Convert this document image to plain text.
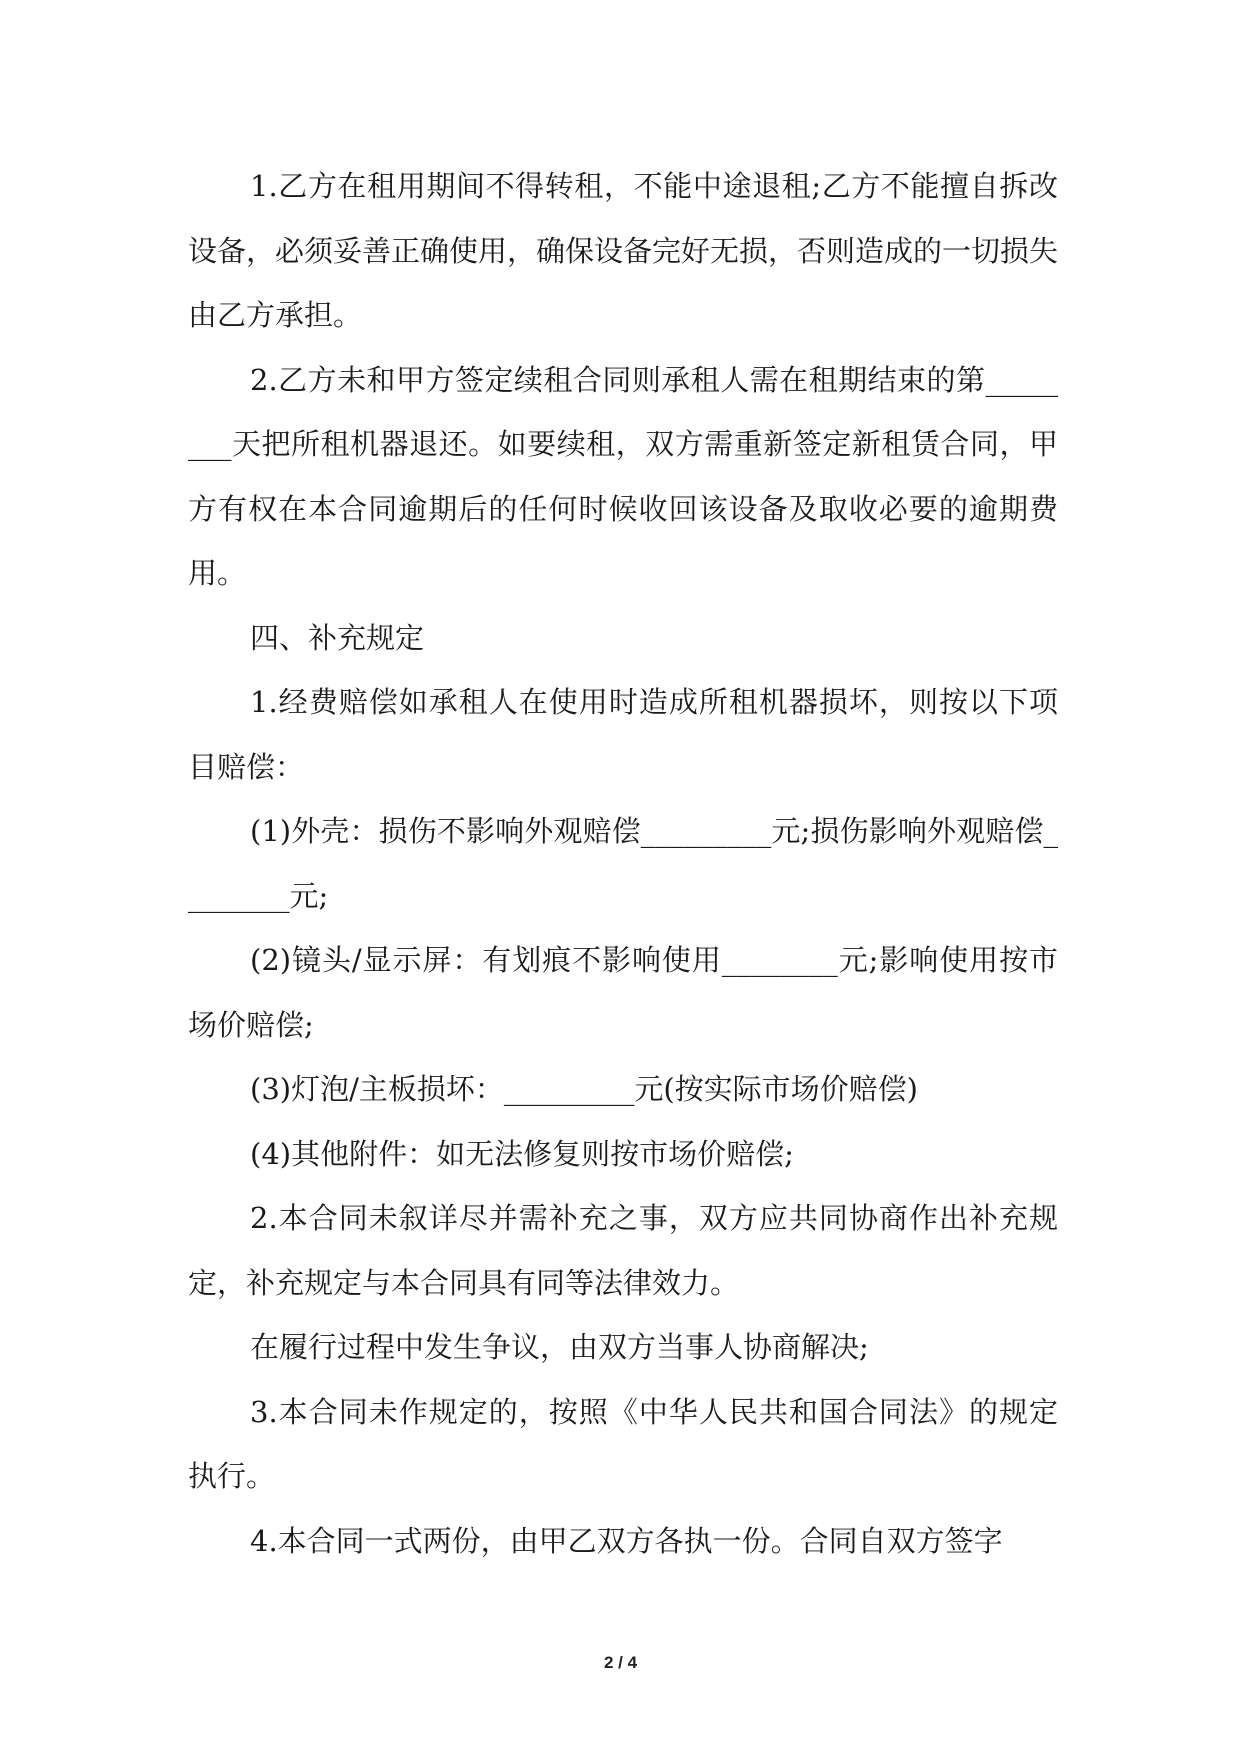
1.乙方在租用期间不得转租，不能中途退租;乙方不能擅自拆改设备，必须妥善正确使用，确保设备完好无损，否则造成的一切损失由乙方承担。

2.乙方未和甲方签定续租合同则承租人需在租期结束的第________天把所租机器退还。如要续租，双方需重新签定新租赁合同，甲方有权在本合同逾期后的任何时候收回该设备及取收必要的逾期费用。

四、补充规定

1.经费赔偿如承租人在使用时造成所租机器损坏，则按以下项目赔偿：

(1)外壳：损伤不影响外观赔偿_________元;损伤影响外观赔偿________元;

(2)镜头/显示屏：有划痕不影响使用________元;影响使用按市场价赔偿;

(3)灯泡/主板损坏：_________元(按实际市场价赔偿)

(4)其他附件：如无法修复则按市场价赔偿;

2.本合同未叙详尽并需补充之事，双方应共同协商作出补充规定，补充规定与本合同具有同等法律效力。

在履行过程中发生争议，由双方当事人协商解决;

3.本合同未作规定的，按照《中华人民共和国合同法》的规定执行。

4.本合同一式两份，由甲乙双方各执一份。合同自双方签字

2 / 4
